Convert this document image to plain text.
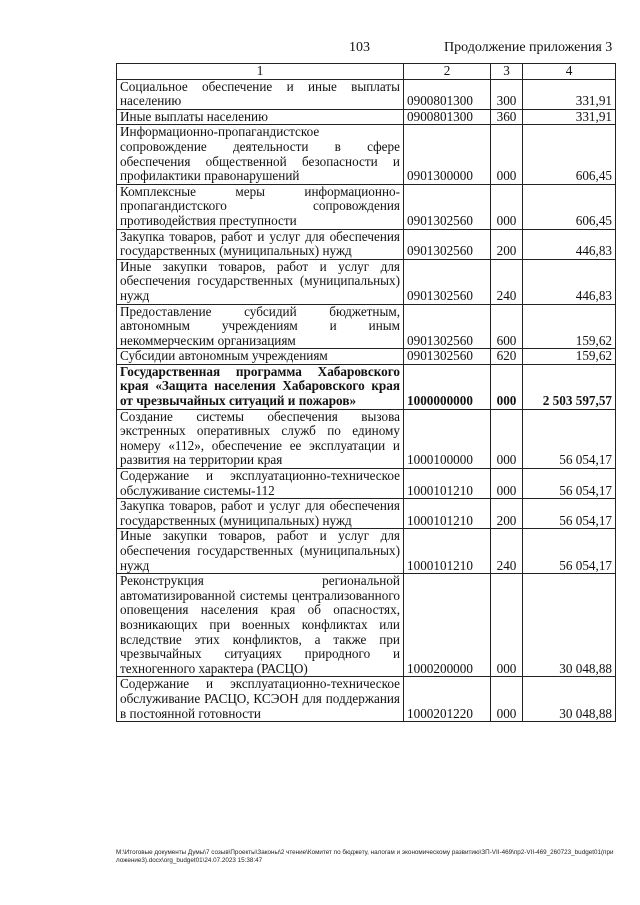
103	Продолжение приложения 3
1	2	3	4
Социальное обеспечение и иные выплаты населению	0900801300	300	331,91
Иные выплаты населению	0900801300	360	331,91
Информационно-пропагандистское сопровождение деятельности в сфере обеспечения общественной безопасности и профилактики правонарушений	0901300000	000	606,45
Комплексные меры информационно-пропагандистского сопровождения противодействия преступности	0901302560	000	606,45
Закупка товаров, работ и услуг для обеспечения государственных (муниципальных) нужд	0901302560	200	446,83
Иные закупки товаров, работ и услуг для обеспечения государственных (муниципальных) нужд	0901302560	240	446,83
Предоставление субсидий бюджетным, автономным учреждениям и иным некоммерческим организациям	0901302560	600	159,62
Субсидии автономным учреждениям	0901302560	620	159,62
Государственная программа Хабаровского края «Защита населения Хабаровского края от чрезвычайных ситуаций и пожаров»	1000000000	000	2 503 597,57
Создание системы обеспечения вызова экстренных оперативных служб по единому номеру «112», обеспечение ее эксплуатации и развития на территории края	1000100000	000	56 054,17
Содержание и эксплуатационно-техническое обслуживание системы-112	1000101210	000	56 054,17
Закупка товаров, работ и услуг для обеспечения государственных (муниципальных) нужд	1000101210	200	56 054,17
Иные закупки товаров, работ и услуг для обеспечения государственных (муниципальных) нужд	1000101210	240	56 054,17
Реконструкция региональной автоматизированной системы централизованного оповещения населения края об опасностях, возникающих при военных конфликтах или вследствие этих конфликтов, а также при чрезвычайных ситуациях природного и техногенного характера (РАСЦО)	1000200000	000	30 048,88
Содержание и эксплуатационно-техническое обслуживание РАСЦО, КСЭОН для поддержания в постоянной готовности	1000201220	000	30 048,88
M:\Итоговые документы Думы\7 созыв\Проекты\Законы\2 чтение\Комитет по бюджету, налогам и экономическому развитию\ЗП-VII-469\пр2-VII-469_260723_budget01(приложение3).docx\org_budget01\24.07.2023 15:38:47
